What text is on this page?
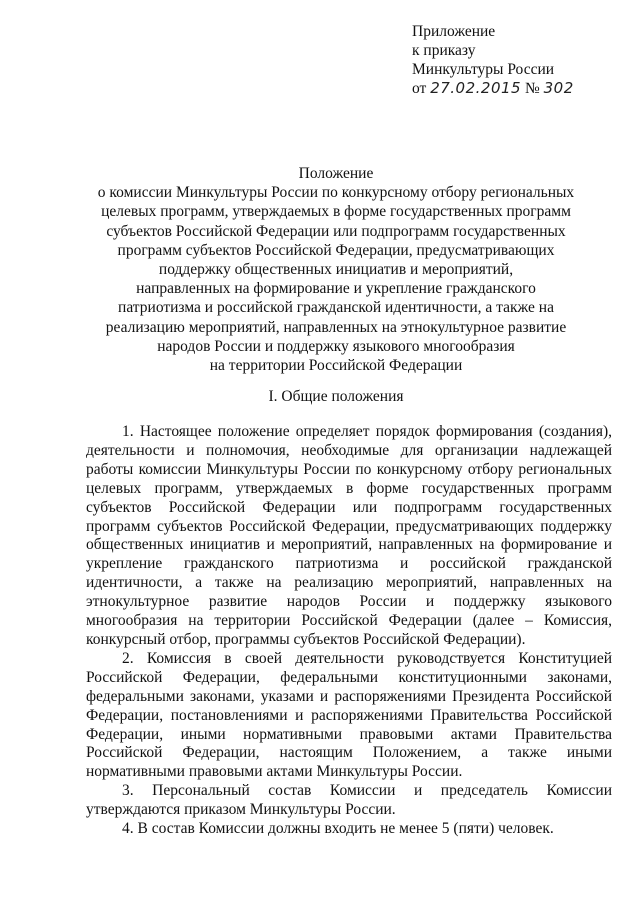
Приложение
к приказу
Минкультуры России
от 27.02.2015 № 302
Положение
о комиссии Минкультуры России по конкурсному отбору региональных
целевых программ, утверждаемых в форме государственных программ
субъектов Российской Федерации или подпрограмм государственных
программ субъектов Российской Федерации, предусматривающих
поддержку общественных инициатив и мероприятий,
направленных на формирование и укрепление гражданского
патриотизма и российской гражданской идентичности, а также на
реализацию мероприятий, направленных на этнокультурное развитие
народов России и поддержку языкового многообразия
на территории Российской Федерации
I. Общие положения

1. Настоящее положение определяет порядок формирования (создания), деятельности и полномочия, необходимые для организации надлежащей работы комиссии Минкультуры России по конкурсному отбору региональных целевых программ, утверждаемых в форме государственных программ субъектов Российской Федерации или подпрограмм государственных программ субъектов Российской Федерации, предусматривающих поддержку общественных инициатив и мероприятий, направленных на формирование и укрепление гражданского патриотизма и российской гражданской идентичности, а также на реализацию мероприятий, направленных на этнокультурное развитие народов России и поддержку языкового многообразия на территории Российской Федерации (далее – Комиссия, конкурсный отбор, программы субъектов Российской Федерации).

2. Комиссия в своей деятельности руководствуется Конституцией Российской Федерации, федеральными конституционными законами, федеральными законами, указами и распоряжениями Президента Российской Федерации, постановлениями и распоряжениями Правительства Российской Федерации, иными нормативными правовыми актами Правительства Российской Федерации, настоящим Положением, а также иными нормативными правовыми актами Минкультуры России.

3. Персональный состав Комиссии и председатель Комиссии утверждаются приказом Минкультуры России.

4. В состав Комиссии должны входить не менее 5 (пяти) человек.
